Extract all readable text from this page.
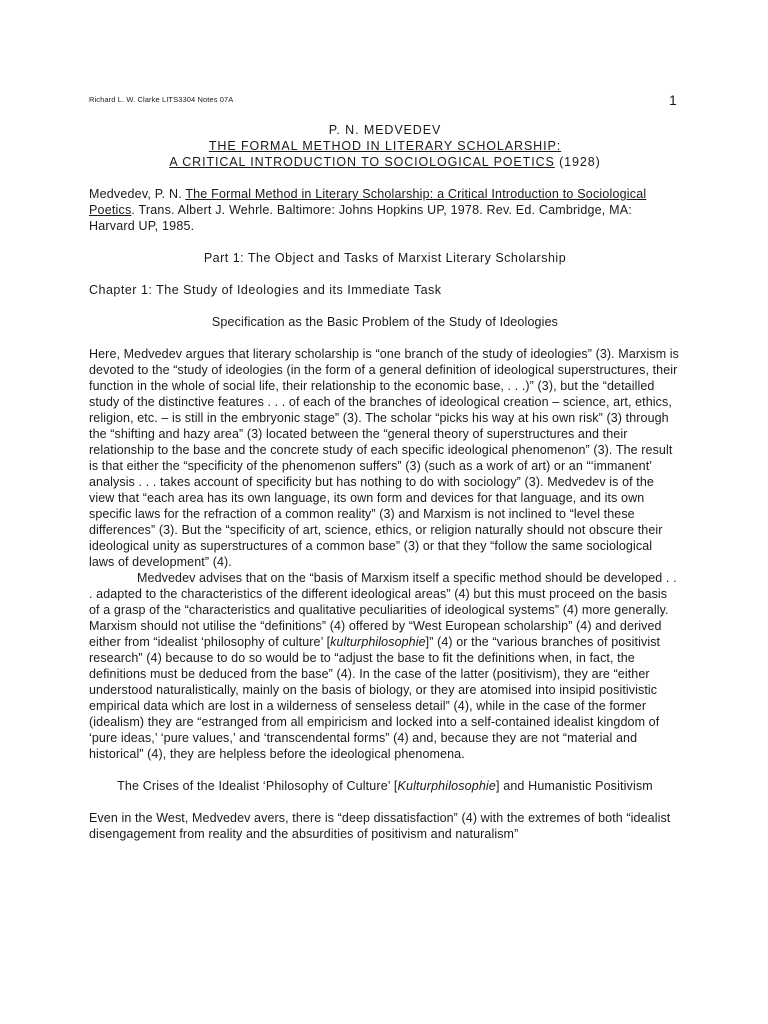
Richard L. W. Clarke LITS3304 Notes 07A	1
P. N. MEDVEDEV
THE FORMAL METHOD IN LITERARY SCHOLARSHIP:
A CRITICAL INTRODUCTION TO SOCIOLOGICAL POETICS (1928)
Medvedev, P. N. The Formal Method in Literary Scholarship: a Critical Introduction to Sociological Poetics. Trans. Albert J. Wehrle. Baltimore: Johns Hopkins UP, 1978. Rev. Ed. Cambridge, MA: Harvard UP, 1985.
Part 1: The Object and Tasks of Marxist Literary Scholarship
Chapter 1: The Study of Ideologies and its Immediate Task
Specification as the Basic Problem of the Study of Ideologies
Here, Medvedev argues that literary scholarship is “one branch of the study of ideologies” (3). Marxism is devoted to the “study of ideologies (in the form of a general definition of ideological superstructures, their function in the whole of social life, their relationship to the economic base, . . .)” (3), but the “detailled study of the distinctive features . . . of each of the branches of ideological creation – science, art, ethics, religion, etc. – is still in the embryonic stage” (3). The scholar “picks his way at his own risk” (3) through the “shifting and hazy area” (3) located between the “general theory of superstructures and their relationship to the base and the concrete study of each specific ideological phenomenon” (3). The result is that either the “specificity of the phenomenon suffers” (3) (such as a work of art) or an “‘immanent’ analysis . . . takes account of specificity but has nothing to do with sociology” (3). Medvedev is of the view that “each area has its own language, its own form and devices for that language, and its own specific laws for the refraction of a common reality” (3) and Marxism is not inclined to “level these differences” (3). But the “specificity of art, science, ethics, or religion naturally should not obscure their ideological unity as superstructures of a common base” (3) or that they “follow the same sociological laws of development” (4).
Medvedev advises that on the “basis of Marxism itself a specific method should be developed . . . adapted to the characteristics of the different ideological areas” (4) but this must proceed on the basis of a grasp of the “characteristics and qualitative peculiarities of ideological systems” (4) more generally. Marxism should not utilise the “definitions” (4) offered by “West European scholarship” (4) and derived either from “idealist ‘philosophy of culture’ [kulturphilosophie]” (4) or the “various branches of positivist research” (4) because to do so would be to “adjust the base to fit the definitions when, in fact, the definitions must be deduced from the base” (4). In the case of the latter (positivism), they are “either understood naturalistically, mainly on the basis of biology, or they are atomised into insipid positivistic empirical data which are lost in a wilderness of senseless detail” (4), while in the case of the former (idealism) they are “estranged from all empiricism and locked into a self-contained idealist kingdom of ‘pure ideas,’ ‘pure values,’ and ‘transcendental forms” (4) and, because they are not “material and historical” (4), they are helpless before the ideological phenomena.
The Crises of the Idealist ‘Philosophy of Culture’ [Kulturphilosophie] and Humanistic Positivism
Even in the West, Medvedev avers, there is “deep dissatisfaction” (4) with the extremes of both “idealist disengagement from reality and the absurdities of positivism and naturalism”
